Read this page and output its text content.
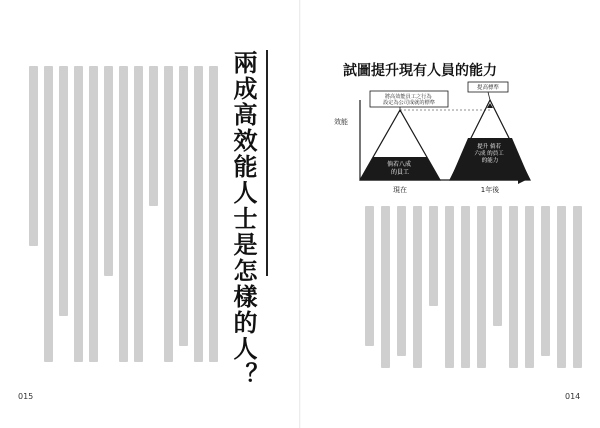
兩成高效能人士是怎樣的人？
015
試圖提升現有人員的能力
效能
倘若八成 的員工
提升 倘若 六成 的員工 的能力
將高效能員工之行為 設定為公司成就的標準
提高標準
現在	1年後
014
